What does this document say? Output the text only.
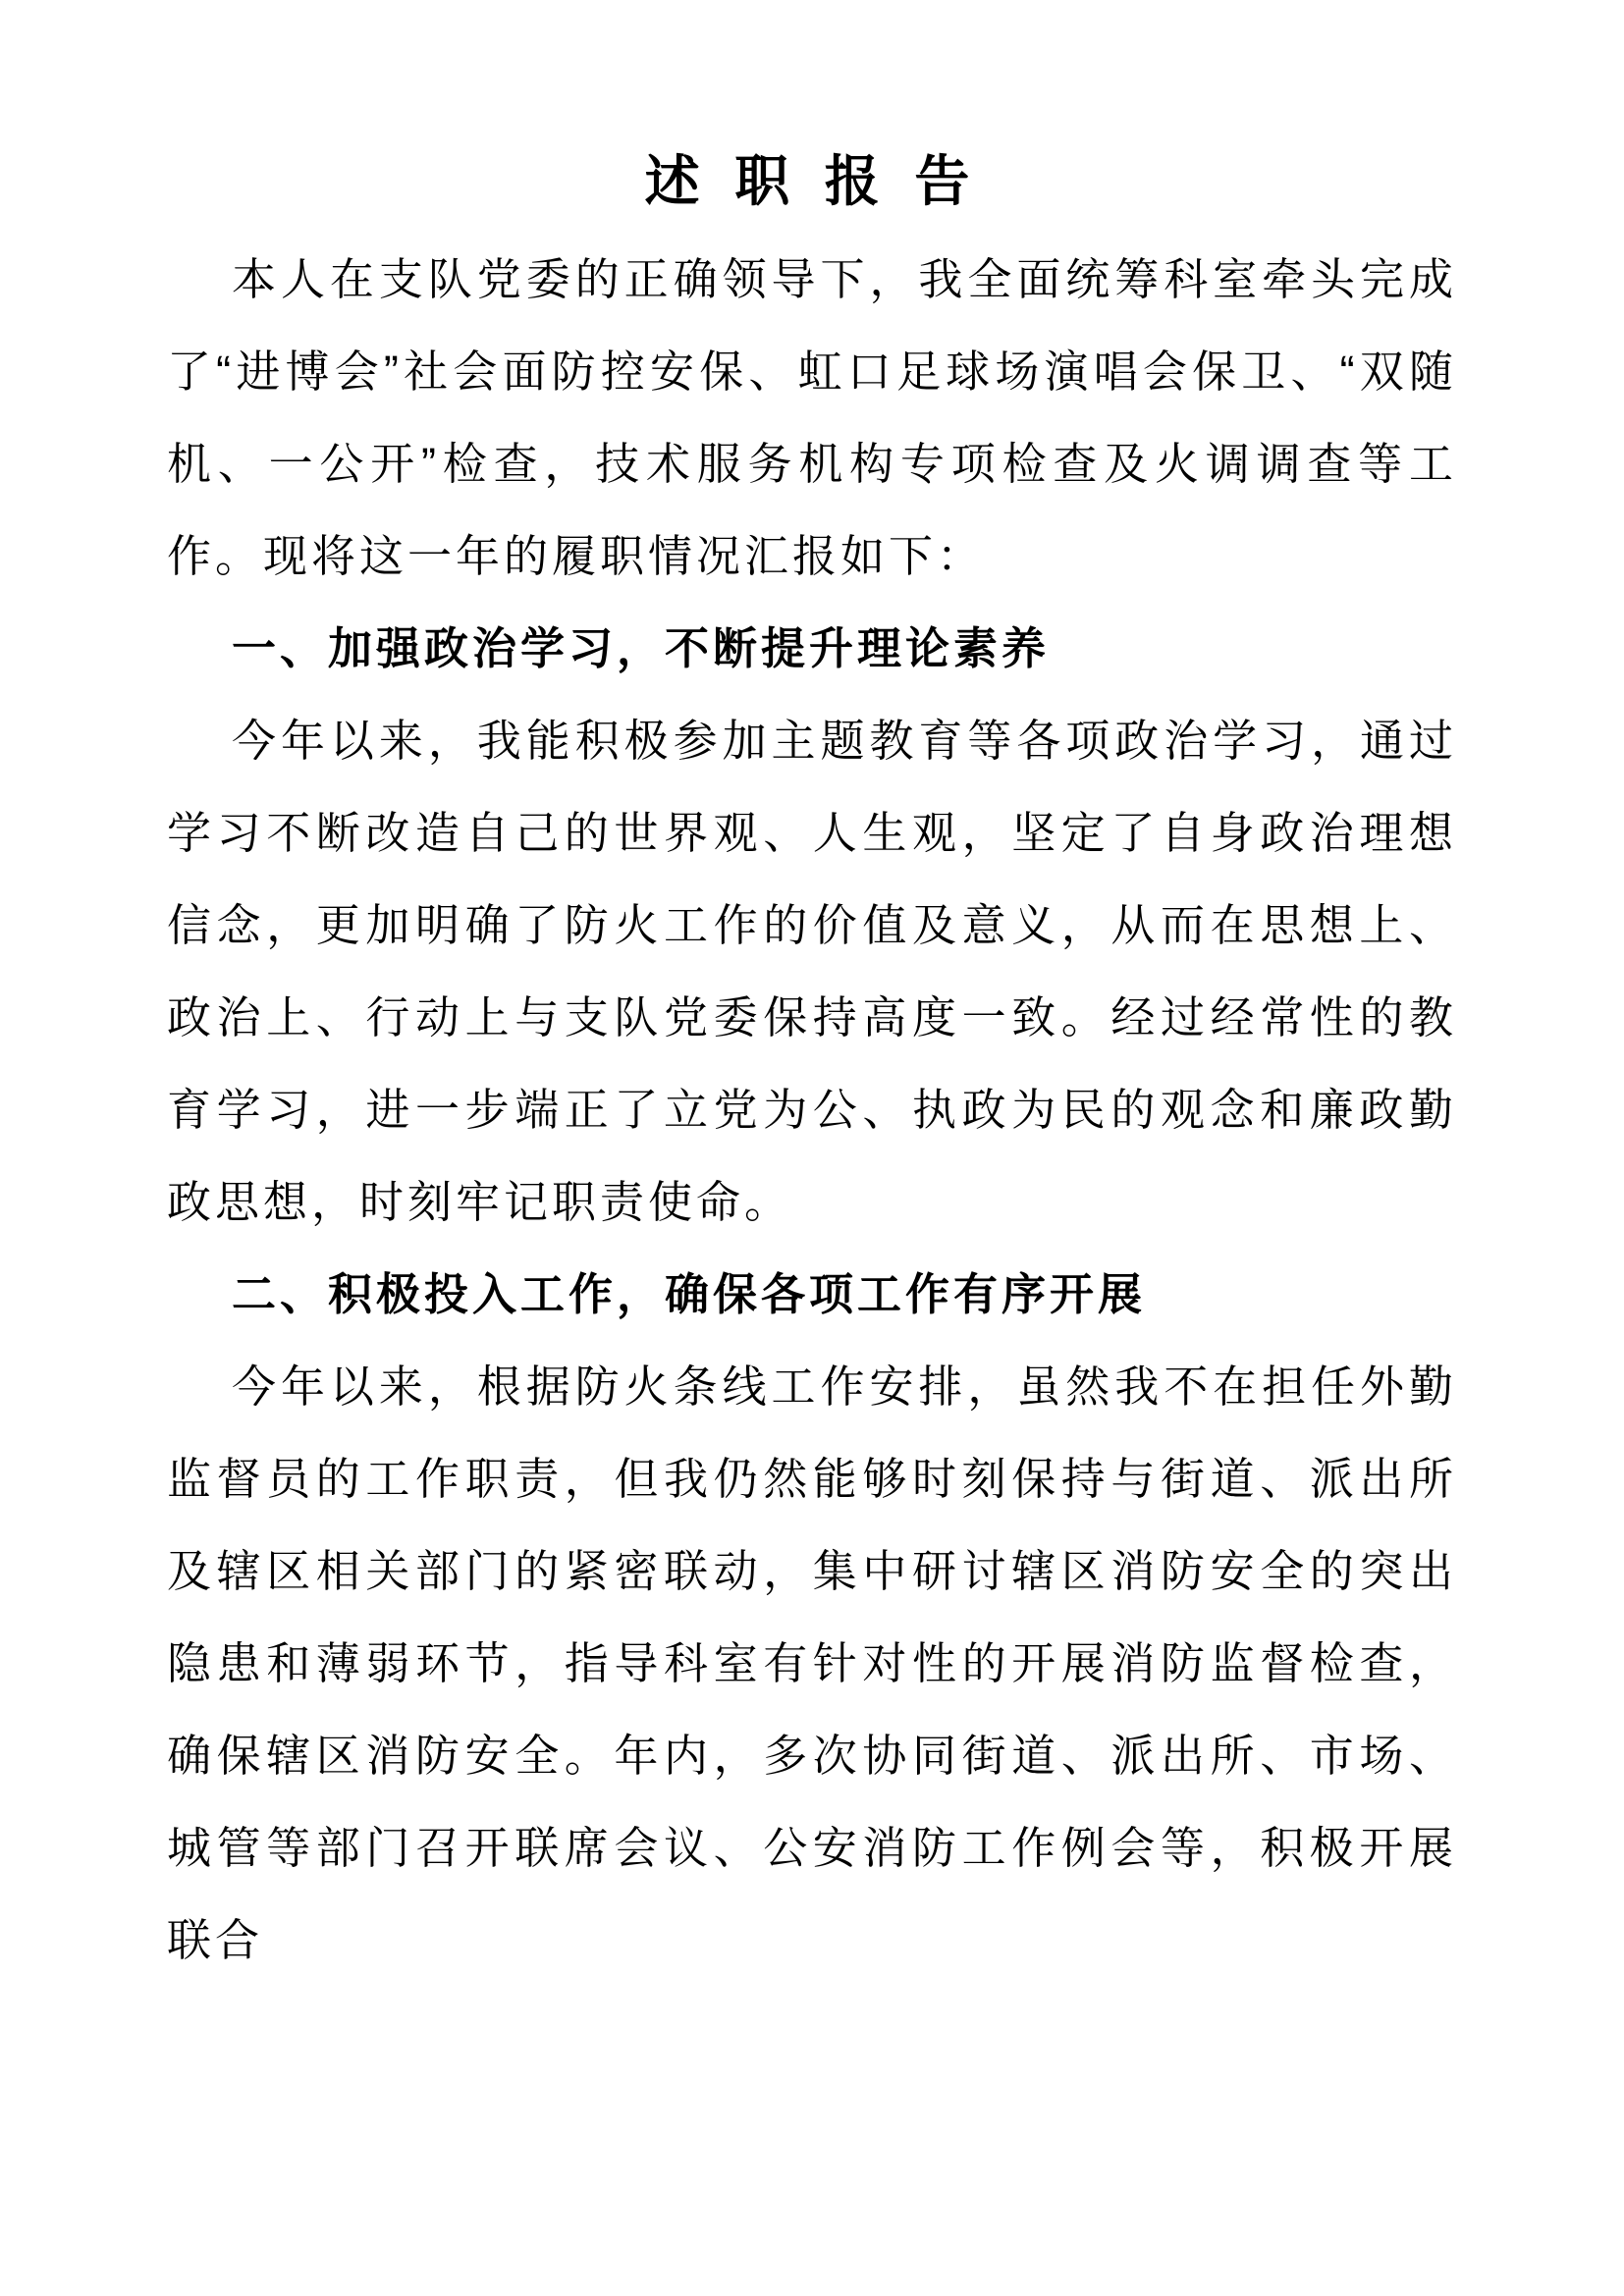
述 职 报 告

本人在支队党委的正确领导下，我全面统筹科室牵头完成了“进博会”社会面防控安保、虹口足球场演唱会保卫、“双随机、一公开”检查，技术服务机构专项检查及火调调查等工作。现将这一年的履职情况汇报如下：

一、加强政治学习，不断提升理论素养

今年以来，我能积极参加主题教育等各项政治学习，通过学习不断改造自己的世界观、人生观，坚定了自身政治理想信念，更加明确了防火工作的价值及意义，从而在思想上、政治上、行动上与支队党委保持高度一致。经过经常性的教育学习，进一步端正了立党为公、执政为民的观念和廉政勤政思想，时刻牢记职责使命。

二、积极投入工作，确保各项工作有序开展

今年以来，根据防火条线工作安排，虽然我不在担任外勤监督员的工作职责，但我仍然能够时刻保持与街道、派出所及辖区相关部门的紧密联动，集中研讨辖区消防安全的突出隐患和薄弱环节，指导科室有针对性的开展消防监督检查，确保辖区消防安全。年内，多次协同街道、派出所、市场、城管等部门召开联席会议、公安消防工作例会等，积极开展联合
